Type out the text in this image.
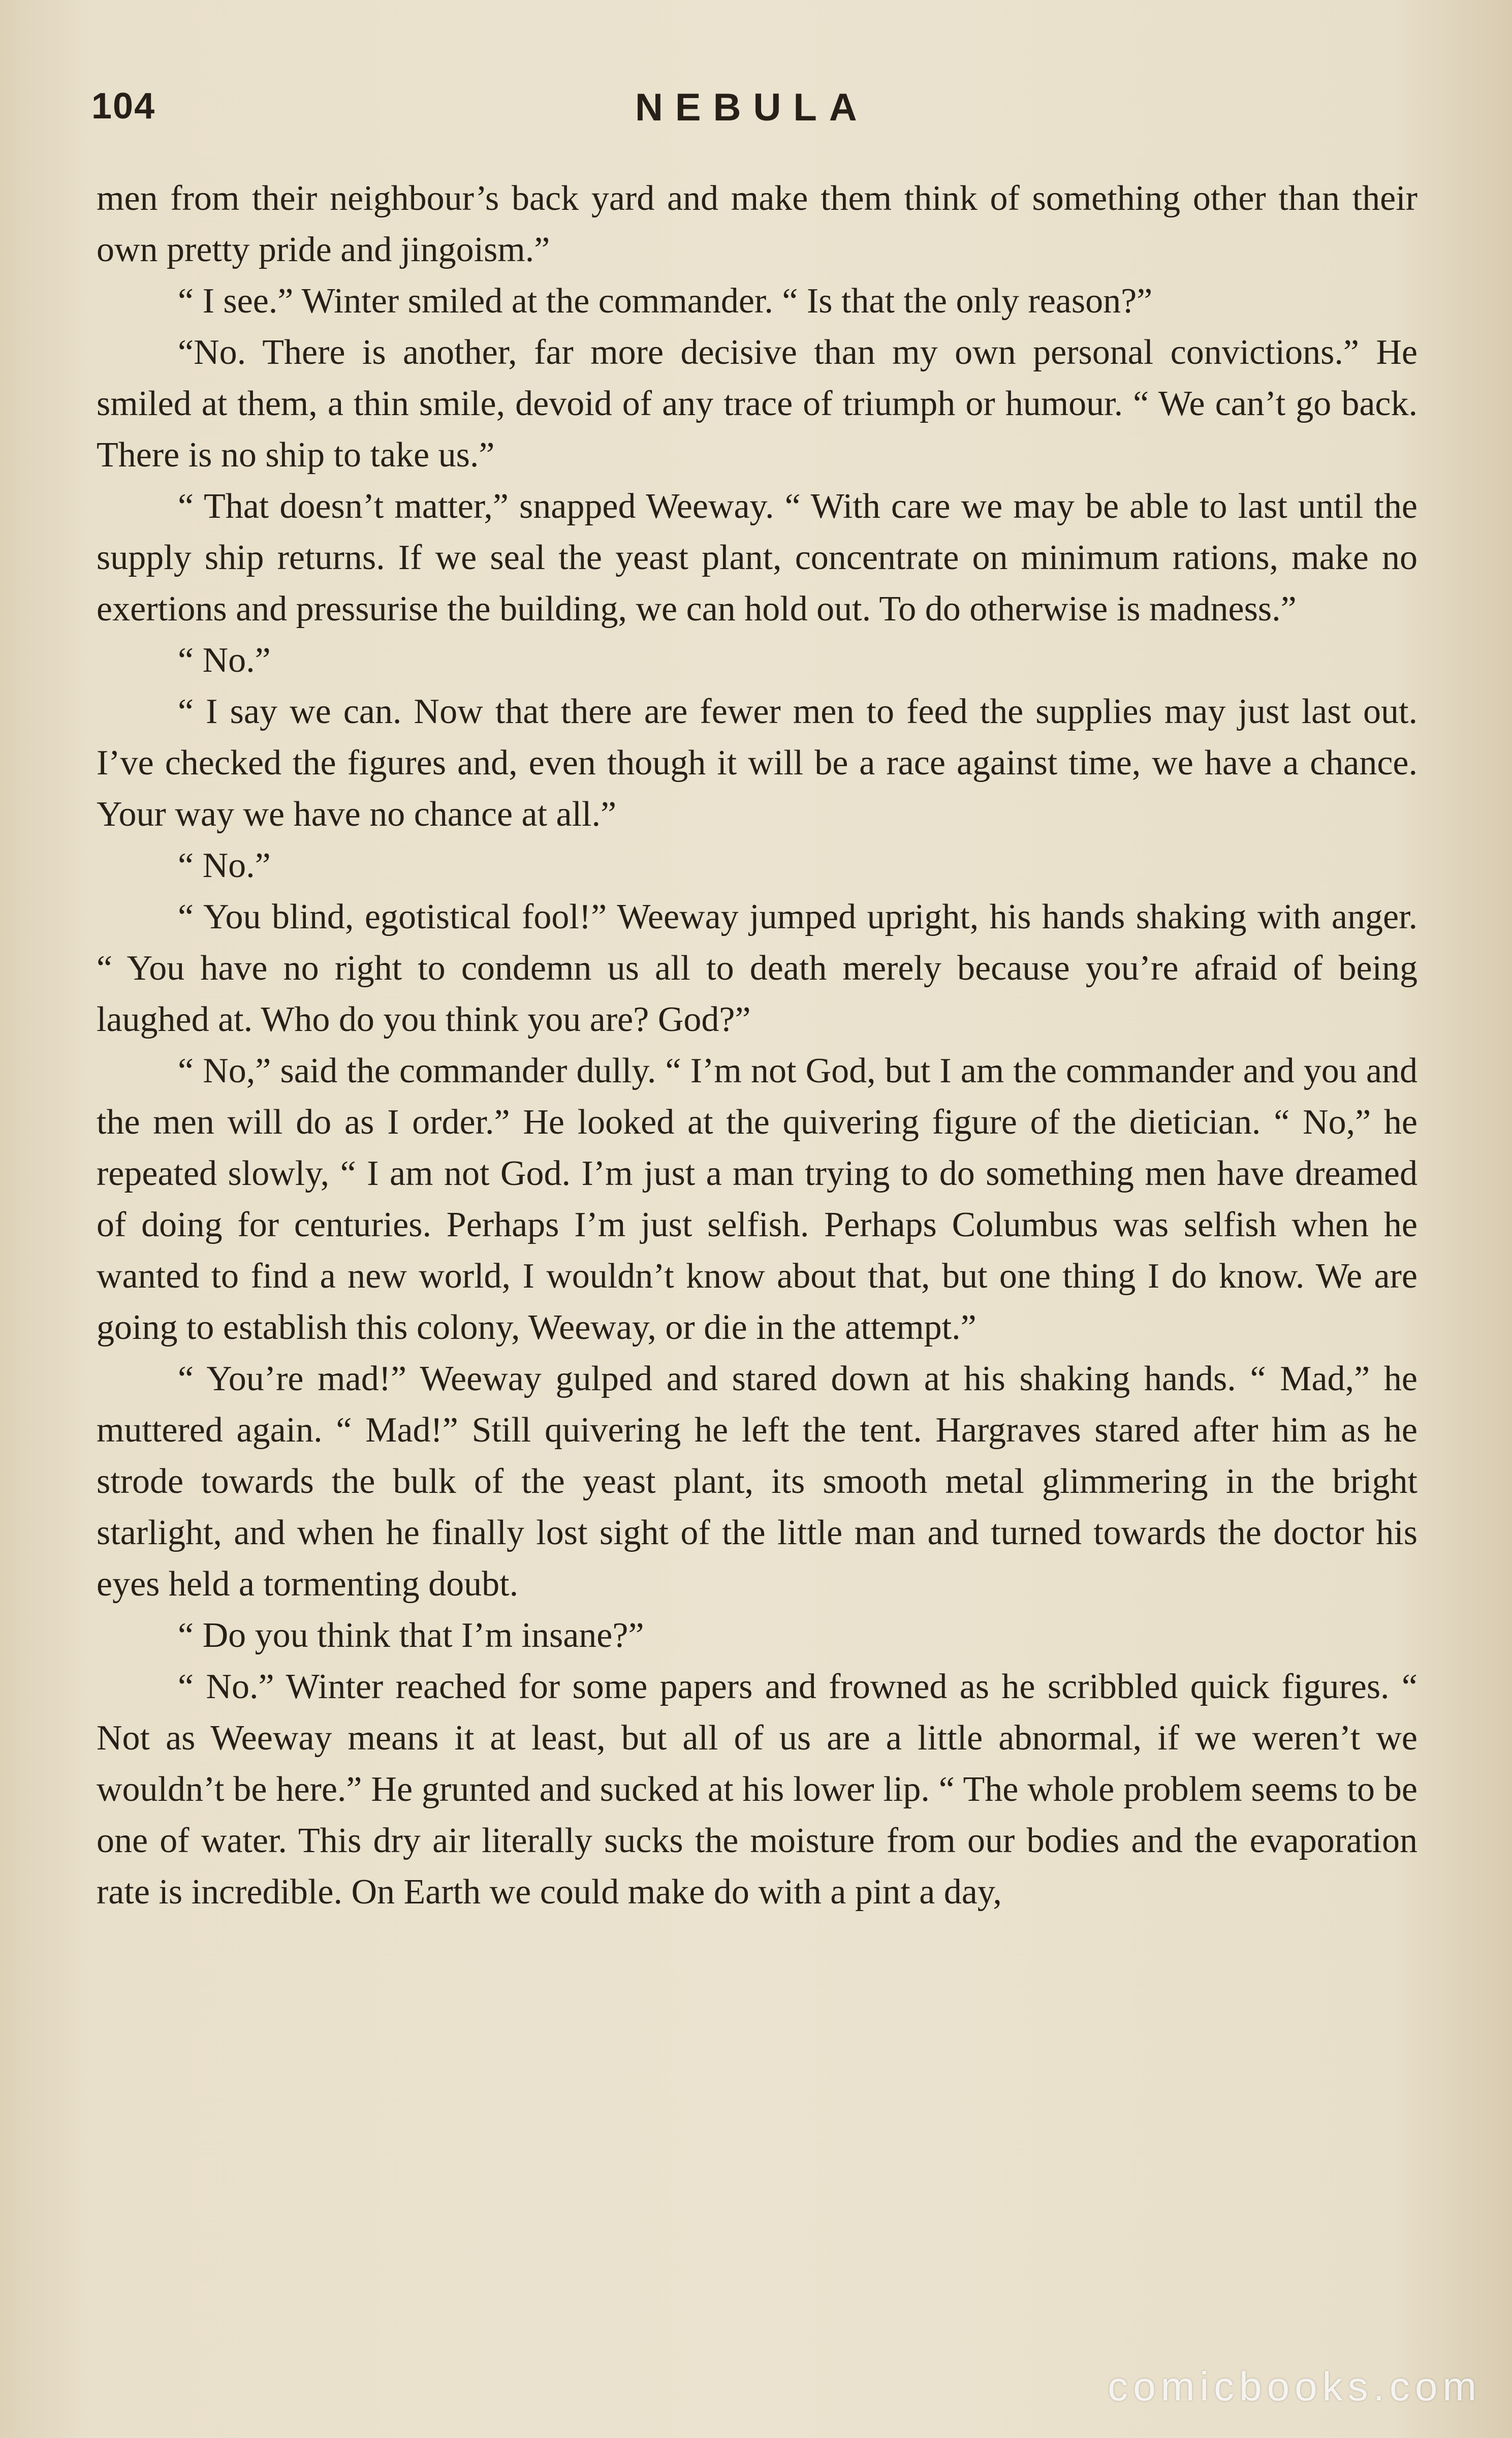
104	NEBULA

men from their neighbour’s back yard and make them think of something other than their own pretty pride and jingoism.”

“ I see.” Winter smiled at the commander. “ Is that the only reason?”

“No. There is another, far more decisive than my own personal convictions.” He smiled at them, a thin smile, devoid of any trace of triumph or humour. “ We can’t go back. There is no ship to take us.”

“ That doesn’t matter,” snapped Weeway. “ With care we may be able to last until the supply ship returns. If we seal the yeast plant, concentrate on minimum rations, make no exertions and pressurise the building, we can hold out. To do otherwise is madness.”

“ No.”

“ I say we can. Now that there are fewer men to feed the supplies may just last out. I’ve checked the figures and, even though it will be a race against time, we have a chance. Your way we have no chance at all.”

“ No.”

“ You blind, egotistical fool!” Weeway jumped upright, his hands shaking with anger. “ You have no right to condemn us all to death merely because you’re afraid of being laughed at. Who do you think you are? God?”

“ No,” said the commander dully. “ I’m not God, but I am the commander and you and the men will do as I order.” He looked at the quivering figure of the dietician. “ No,” he repeated slowly, “ I am not God. I’m just a man trying to do something men have dreamed of doing for centuries. Perhaps I’m just selfish. Perhaps Columbus was selfish when he wanted to find a new world, I wouldn’t know about that, but one thing I do know. We are going to establish this colony, Weeway, or die in the attempt.”

“ You’re mad!” Weeway gulped and stared down at his shaking hands. “ Mad,” he muttered again. “ Mad!” Still quivering he left the tent. Hargraves stared after him as he strode towards the bulk of the yeast plant, its smooth metal glimmering in the bright starlight, and when he finally lost sight of the little man and turned towards the doctor his eyes held a tormenting doubt.

“ Do you think that I’m insane?”

“ No.” Winter reached for some papers and frowned as he scribbled quick figures. “ Not as Weeway means it at least, but all of us are a little abnormal, if we weren’t we wouldn’t be here.” He grunted and sucked at his lower lip. “ The whole problem seems to be one of water. This dry air literally sucks the moisture from our bodies and the evaporation rate is incredible. On Earth we could make do with a pint a day,

comicbooks.com
